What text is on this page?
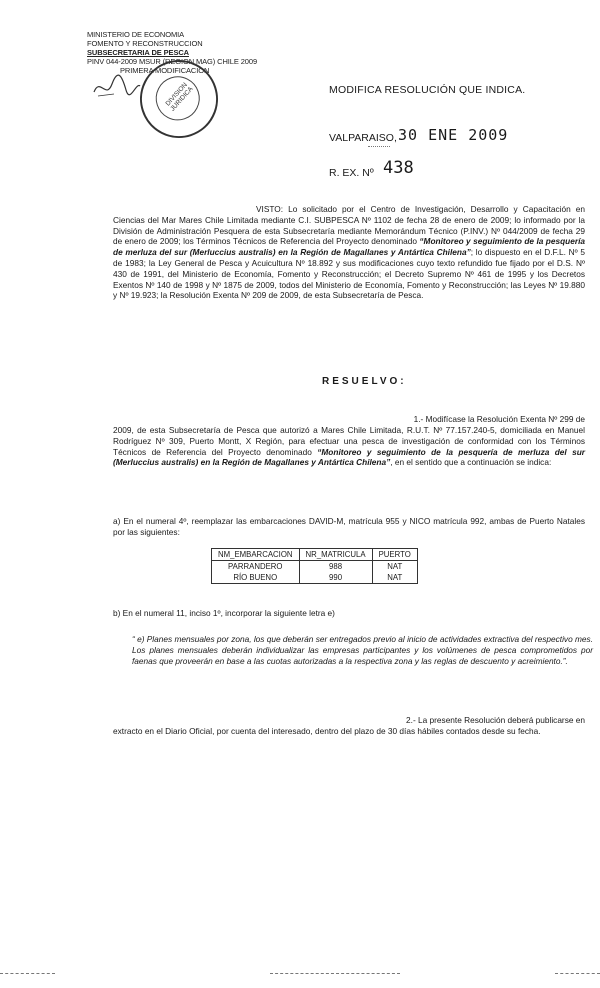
MINISTERIO DE ECONOMIA
FOMENTO Y RECONSTRUCCION
SUBSECRETARIA DE PESCA
PINV 044-2009 MSUR (REGION MAG) CHILE 2009
PRIMERA MODIFICACION
DIVISION JURIDICA	MODIFICA RESOLUCIÓN QUE INDICA.
VALPARAISO, 30 ENE 2009
R. EX. Nº 438
VISTO: Lo solicitado por el Centro de Investigación, Desarrollo y Capacitación en Ciencias del Mar Mares Chile Limitada mediante C.I. SUBPESCA Nº 1102 de fecha 28 de enero de 2009; lo informado por la División de Administración Pesquera de esta Subsecretaría mediante Memorándum Técnico (P.INV.) Nº 044/2009 de fecha 29 de enero de 2009; los Términos Técnicos de Referencia del Proyecto denominado “Monitoreo y seguimiento de la pesquería de merluza del sur (Merluccius australis) en la Región de Magallanes y Antártica Chilena”; lo dispuesto en el D.F.L. Nº 5 de 1983; la Ley General de Pesca y Acuicultura Nº 18.892 y sus modificaciones cuyo texto refundido fue fijado por el D.S. Nº 430 de 1991, del Ministerio de Economía, Fomento y Reconstrucción; el Decreto Supremo Nº 461 de 1995 y los Decretos Exentos Nº 140 de 1998 y Nº 1875 de 2009, todos del Ministerio de Economía, Fomento y Reconstrucción; las Leyes Nº 19.880 y Nº 19.923; la Resolución Exenta Nº 209 de 2009, de esta Subsecretaría de Pesca.
RESUELVO:
1.- Modifícase la Resolución Exenta Nº 299 de
2009, de esta Subsecretaría de Pesca que autorizó a Mares Chile Limitada, R.U.T. Nº 77.157.240-5, domiciliada en Manuel Rodríguez Nº 309, Puerto Montt, X Región, para efectuar una pesca de investigación de conformidad con los Términos Técnicos de Referencia del Proyecto denominado “Monitoreo y seguimiento de la pesquería de merluza del sur (Merluccius australis) en la Región de Magallanes y Antártica Chilena”, en el sentido que a continuación se indica:
a) En el numeral 4º, reemplazar las embarcaciones DAVID-M, matrícula 955 y NICO matrícula 992, ambas de Puerto Natales por las siguientes:
NM_EMBARCACION	NR_MATRICULA	PUERTO
PARRANDERO	988	NAT
RÍO BUENO	990	NAT
b) En el numeral 11, inciso 1º, incorporar la siguiente letra e)
“ e) Planes mensuales por zona, los que deberán ser entregados previo al inicio de actividades extractiva del respectivo mes. Los planes mensuales deberán individualizar las empresas participantes y los volúmenes de pesca comprometidos por faenas que proveerán en base a las cuotas autorizadas a la respectiva zona y las reglas de descuento y acreimiento.”.
2.- La presente Resolución deberá publicarse en
extracto en el Diario Oficial, por cuenta del interesado, dentro del plazo de 30 días hábiles contados desde su fecha.
